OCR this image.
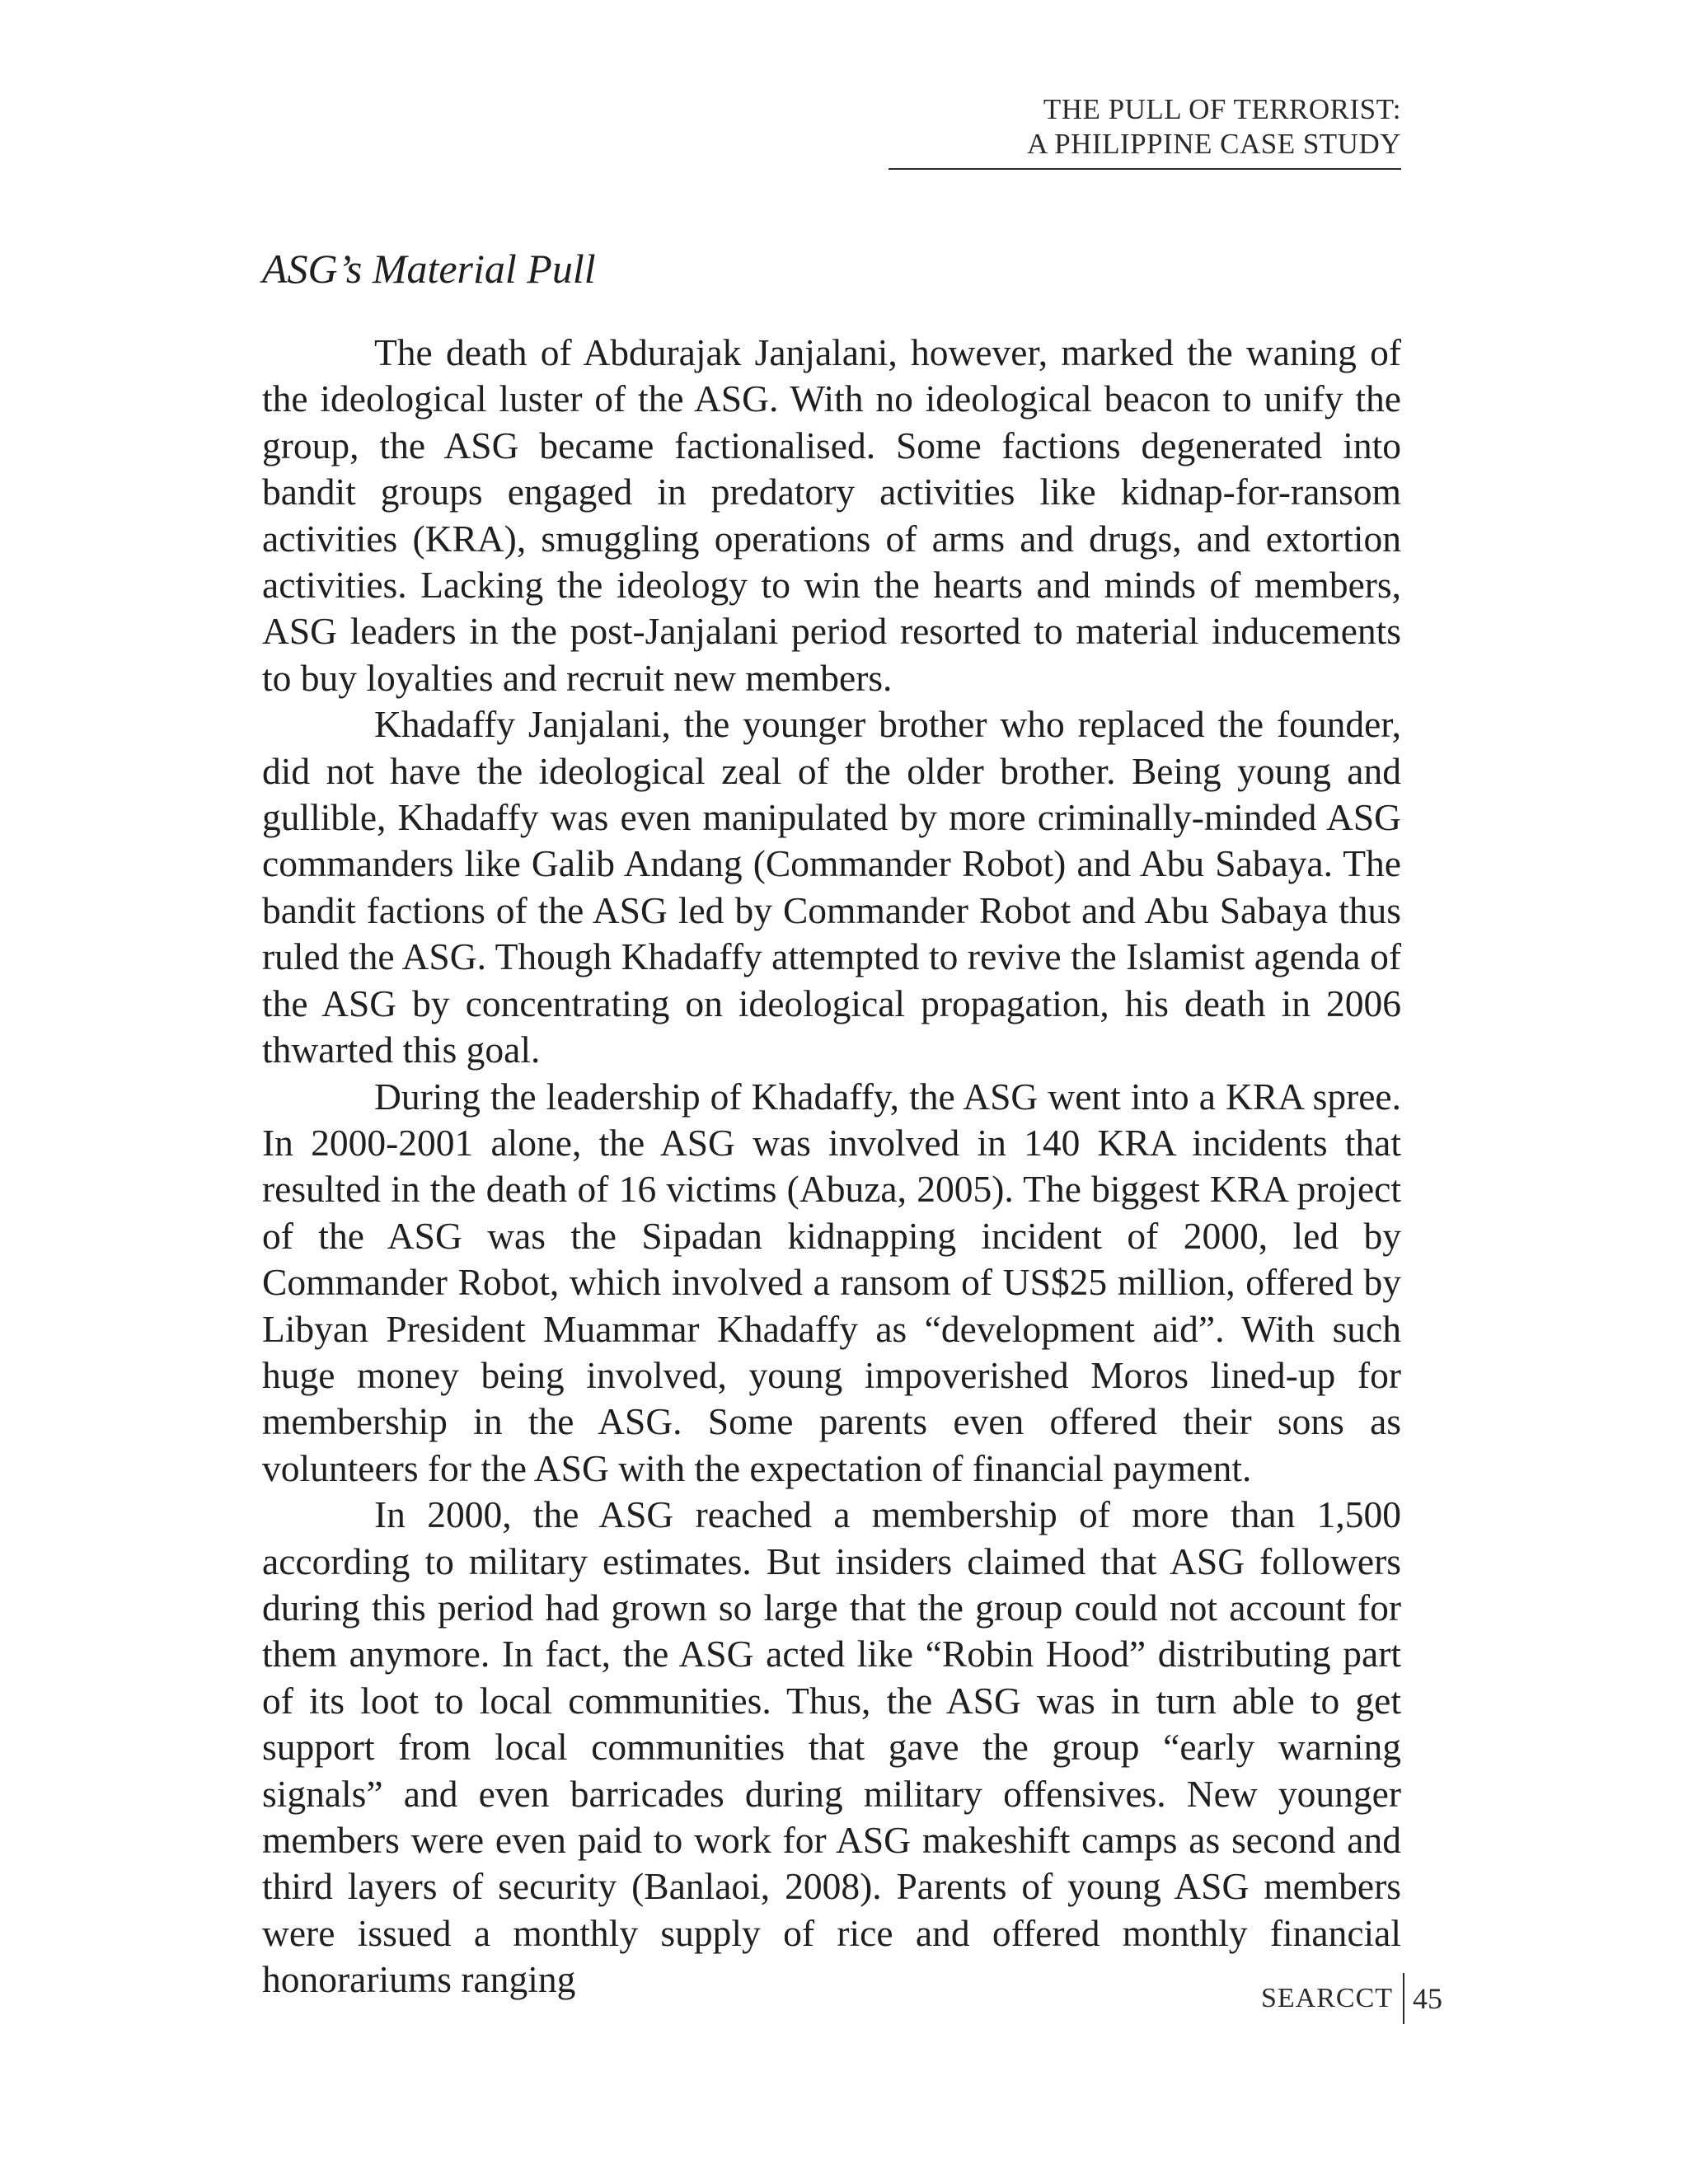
THE PULL OF TERRORIST:
A PHILIPPINE CASE STUDY
ASG’s Material Pull

The death of Abdurajak Janjalani, however, marked the waning of the ideological luster of the ASG. With no ideological beacon to unify the group, the ASG became factionalised. Some factions degenerated into bandit groups engaged in predatory activities like kidnap-for-ransom activities (KRA), smuggling operations of arms and drugs, and extortion activities. Lacking the ideology to win the hearts and minds of members, ASG leaders in the post-Janjalani period resorted to material inducements to buy loyalties and recruit new members.

Khadaffy Janjalani, the younger brother who replaced the founder, did not have the ideological zeal of the older brother. Being young and gullible, Khadaffy was even manipulated by more criminally-minded ASG commanders like Galib Andang (Commander Robot) and Abu Sabaya. The bandit factions of the ASG led by Commander Robot and Abu Sabaya thus ruled the ASG. Though Khadaffy attempted to revive the Islamist agenda of the ASG by concentrating on ideological propagation, his death in 2006 thwarted this goal.

During the leadership of Khadaffy, the ASG went into a KRA spree. In 2000-2001 alone, the ASG was involved in 140 KRA incidents that resulted in the death of 16 victims (Abuza, 2005). The biggest KRA project of the ASG was the Sipadan kidnapping incident of 2000, led by Commander Robot, which involved a ransom of US$25 million, offered by Libyan President Muammar Khadaffy as “development aid”. With such huge money being involved, young impoverished Moros lined-up for membership in the ASG. Some parents even offered their sons as volunteers for the ASG with the expectation of financial payment.

In 2000, the ASG reached a membership of more than 1,500 according to military estimates. But insiders claimed that ASG followers during this period had grown so large that the group could not account for them anymore. In fact, the ASG acted like “Robin Hood” distributing part of its loot to local communities. Thus, the ASG was in turn able to get support from local communities that gave the group “early warning signals” and even barricades during military offensives. New younger members were even paid to work for ASG makeshift camps as second and third layers of security (Banlaoi, 2008). Parents of young ASG members were issued a monthly supply of rice and offered monthly financial honorariums ranging	SEARCCT 45
